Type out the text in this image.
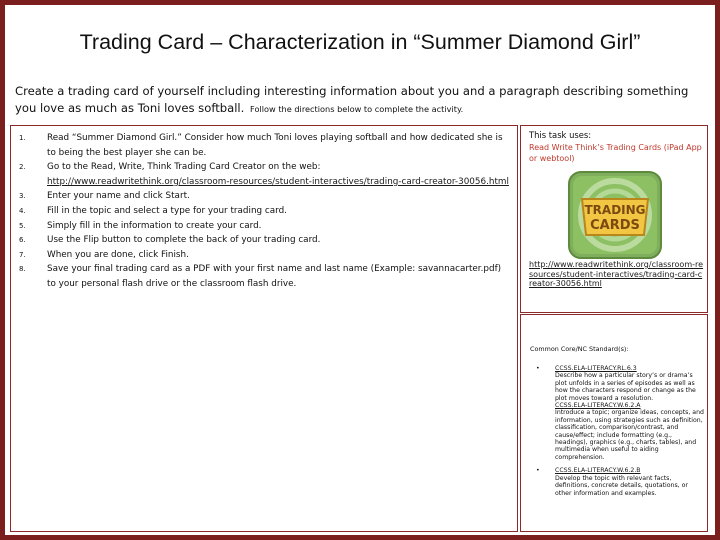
Trading Card – Characterization in “Summer Diamond Girl”
Create a trading card of yourself including interesting information about you and a paragraph describing something you love as much as Toni loves softball. Follow the directions below to complete the activity.
1. Read “Summer Diamond Girl.” Consider how much Toni loves playing softball and how dedicated she is to being the best player she can be.
2. Go to the Read, Write, Think Trading Card Creator on the web:
http://www.readwritethink.org/classroom-resources/student-interactives/trading-card-creator-30056.html
3. Enter your name and click Start.
4. Fill in the topic and select a type for your trading card.
5. Simply fill in the information to create your card.
6. Use the Flip button to complete the back of your trading card.
7. When you are done, click Finish.
8. Save your final trading card as a PDF with your first name and last name (Example: savannacarter.pdf) to your personal flash drive or the classroom flash drive.
This task uses:
Read Write Think’s Trading Cards (iPad App or webtool)
TRADING
CARDS
http://www.readwritethink.org/classroom-resources/student-interactives/trading-card-creator-30056.html
Common Core/NC Standard(s):
• CCSS.ELA-LITERACY.RL.6.3
Describe how a particular story’s or drama’s plot unfolds in a series of episodes as well as how the characters respond or change as the plot moves toward a resolution.
CCSS.ELA-LITERACY.W.6.2.A
Introduce a topic; organize ideas, concepts, and information, using strategies such as definition, classification, comparison/contrast, and cause/effect; include formatting (e.g., headings), graphics (e.g., charts, tables), and multimedia when useful to aiding comprehension.
• CCSS.ELA-LITERACY.W.6.2.B
Develop the topic with relevant facts, definitions, concrete details, quotations, or other information and examples.
